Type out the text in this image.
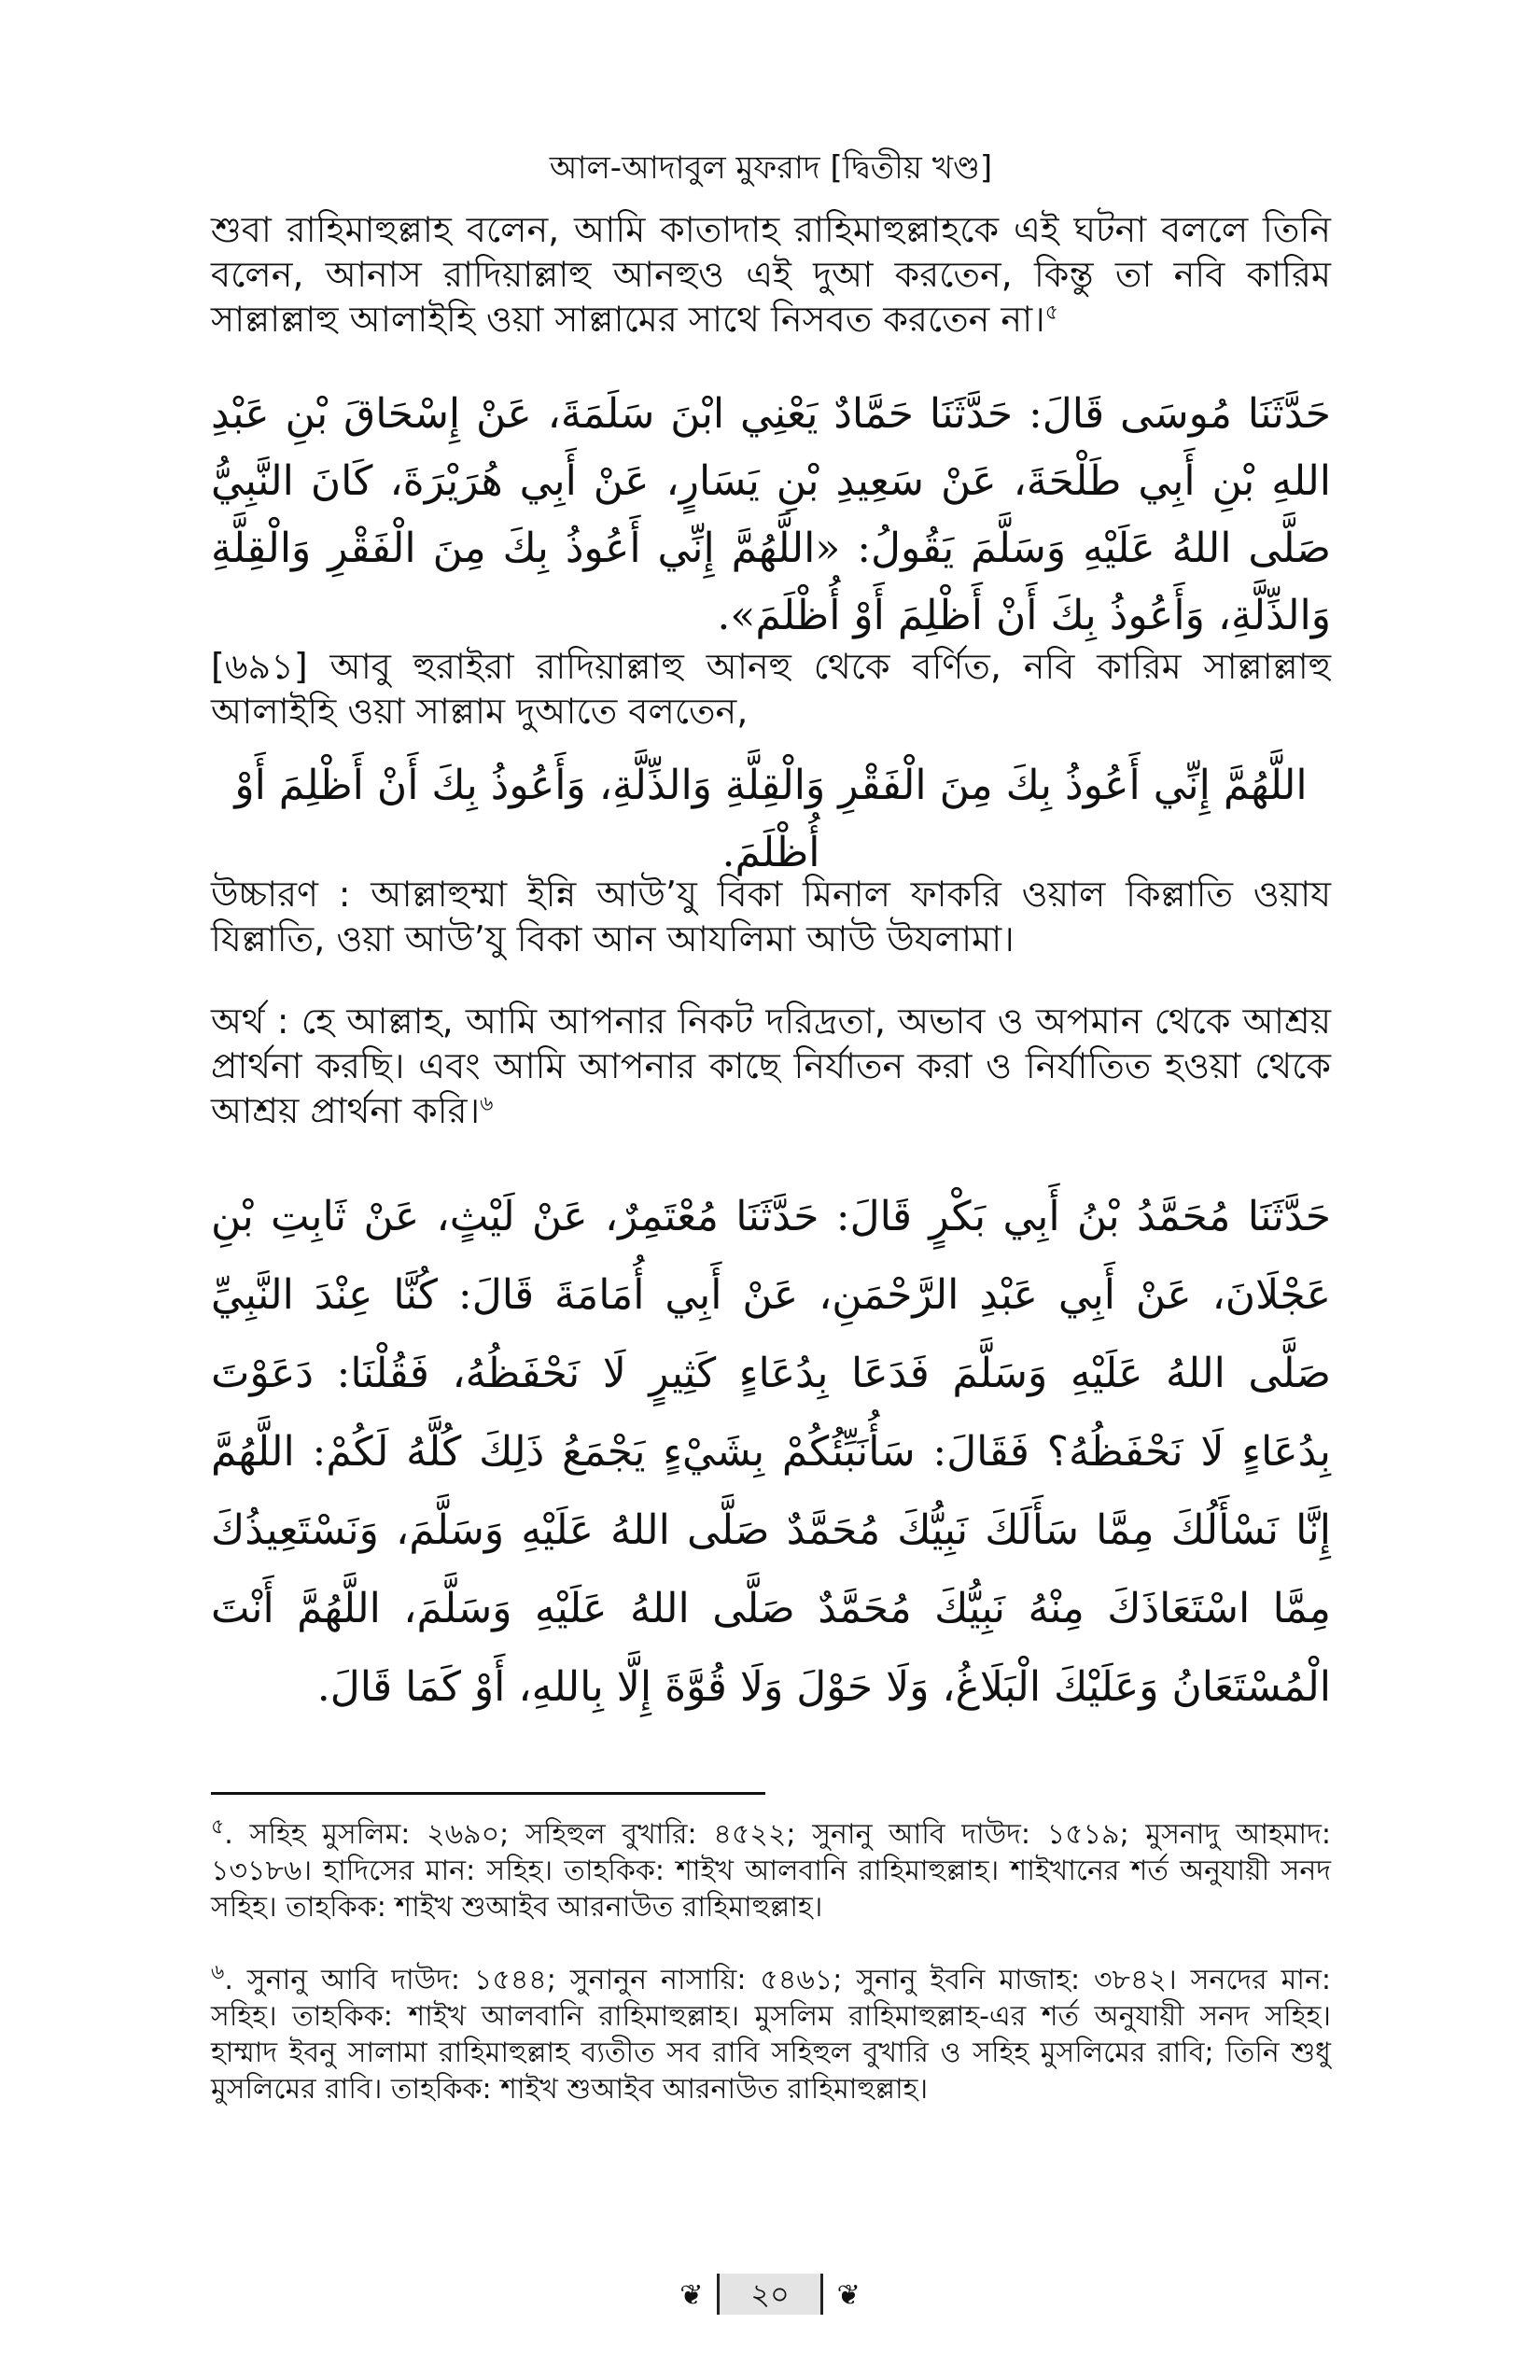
আল-আদাবুল মুফরাদ [দ্বিতীয় খণ্ড]
শুবা রাহিমাহুল্লাহ বলেন, আমি কাতাদাহ রাহিমাহুল্লাহকে এই ঘটনা বললে তিনি বলেন, আনাস রাদিয়াল্লাহু আনহুও এই দুআ করতেন, কিন্তু তা নবি কারিম সাল্লাল্লাহু আলাইহি ওয়া সাল্লামের সাথে নিসবত করতেন না।$^৫$
حَدَّثَنَا مُوسَى قَالَ: حَدَّثَنَا حَمَّادٌ يَعْنِي ابْنَ سَلَمَةَ، عَنْ إِسْحَاقَ بْنِ عَبْدِ اللهِ بْنِ أَبِي طَلْحَةَ، عَنْ سَعِيدِ بْنِ يَسَارٍ، عَنْ أَبِي هُرَيْرَةَ، كَانَ النَّبِيُّ صَلَّى اللهُ عَلَيْهِ وَسَلَّمَ يَقُولُ: «اللَّهُمَّ إِنِّي أَعُوذُ بِكَ مِنَ الْفَقْرِ وَالْقِلَّةِ وَالذِّلَّةِ، وَأَعُوذُ بِكَ أَنْ أَظْلِمَ أَوْ أُظْلَمَ».
[৬৯১] আবু হুরাইরা রাদিয়াল্লাহু আনহু থেকে বর্ণিত, নবি কারিম সাল্লাল্লাহু আলাইহি ওয়া সাল্লাম দুআতে বলতেন,
اللَّهُمَّ إِنِّي أَعُوذُ بِكَ مِنَ الْفَقْرِ وَالْقِلَّةِ وَالذِّلَّةِ، وَأَعُوذُ بِكَ أَنْ أَظْلِمَ أَوْ أُظْلَمَ.
উচ্চারণ : আল্লাহুম্মা ইন্নি আউ’যু বিকা মিনাল ফাকরি ওয়াল কিল্লাতি ওয়ায যিল্লাতি, ওয়া আউ’যু বিকা আন আযলিমা আউ উযলামা।
অর্থ : হে আল্লাহ, আমি আপনার নিকট দরিদ্রতা, অভাব ও অপমান থেকে আশ্রয় প্রার্থনা করছি। এবং আমি আপনার কাছে নির্যাতন করা ও নির্যাতিত হওয়া থেকে আশ্রয় প্রার্থনা করি।$^৬$
حَدَّثَنَا مُحَمَّدُ بْنُ أَبِي بَكْرٍ قَالَ: حَدَّثَنَا مُعْتَمِرٌ، عَنْ لَيْثٍ، عَنْ ثَابِتِ بْنِ عَجْلَانَ، عَنْ أَبِي عَبْدِ الرَّحْمَنِ، عَنْ أَبِي أُمَامَةَ قَالَ: كُنَّا عِنْدَ النَّبِيِّ صَلَّى اللهُ عَلَيْهِ وَسَلَّمَ فَدَعَا بِدُعَاءٍ كَثِيرٍ لَا نَحْفَظُهُ، فَقُلْنَا: دَعَوْتَ بِدُعَاءٍ لَا نَحْفَظُهُ؟ فَقَالَ: سَأُنَبِّئُكُمْ بِشَيْءٍ يَجْمَعُ ذَلِكَ كُلَّهُ لَكُمْ: اللَّهُمَّ إِنَّا نَسْأَلُكَ مِمَّا سَأَلَكَ نَبِيُّكَ مُحَمَّدٌ صَلَّى اللهُ عَلَيْهِ وَسَلَّمَ، وَنَسْتَعِيذُكَ مِمَّا اسْتَعَاذَكَ مِنْهُ نَبِيُّكَ مُحَمَّدٌ صَلَّى اللهُ عَلَيْهِ وَسَلَّمَ، اللَّهُمَّ أَنْتَ الْمُسْتَعَانُ وَعَلَيْكَ الْبَلَاغُ، وَلَا حَوْلَ وَلَا قُوَّةَ إِلَّا بِاللهِ، أَوْ كَمَا قَالَ.
$^৫$. সহিহ মুসলিম: ২৬৯০; সহিহুল বুখারি: ৪৫২২; সুনানু আবি দাউদ: ১৫১৯; মুসনাদু আহমাদ: ১৩১৮৬। হাদিসের মান: সহিহ। তাহকিক: শাইখ আলবানি রাহিমাহুল্লাহ। শাইখানের শর্ত অনুযায়ী সনদ সহিহ। তাহকিক: শাইখ শুআইব আরনাউত রাহিমাহুল্লাহ।
$^৬$. সুনানু আবি দাউদ: ১৫৪৪; সুনানুন নাসায়ি: ৫৪৬১; সুনানু ইবনি মাজাহ: ৩৮৪২। সনদের মান: সহিহ। তাহকিক: শাইখ আলবানি রাহিমাহুল্লাহ। মুসলিম রাহিমাহুল্লাহ-এর শর্ত অনুযায়ী সনদ সহিহ। হাম্মাদ ইবনু সালামা রাহিমাহুল্লাহ ব্যতীত সব রাবি সহিহুল বুখারি ও সহিহ মুসলিমের রাবি; তিনি শুধু মুসলিমের রাবি। তাহকিক: শাইখ শুআইব আরনাউত রাহিমাহুল্লাহ।
❦ ২০ ❦
